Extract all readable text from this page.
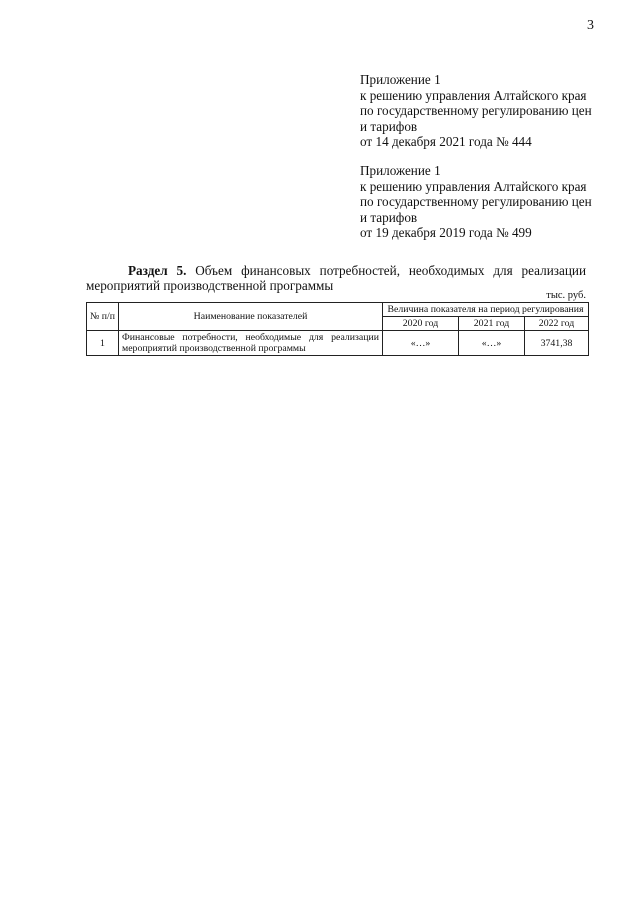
3
Приложение 1
к решению управления Алтайского края
по государственному регулированию цен
и тарифов
от 14 декабря 2021 года № 444
Приложение 1
к решению управления Алтайского края
по государственному регулированию цен
и тарифов
от 19 декабря 2019 года № 499
Раздел 5. Объем финансовых потребностей, необходимых для реализации
мероприятий производственной программы
тыс. руб.
№ п/п	Наименование показателей	Величина показателя на период регулирования		
		2020 год	2021 год	2022 год
1	Финансовые потребности, необходимые для реализации мероприятий производственной программы	«…»	«…»	3741,38
